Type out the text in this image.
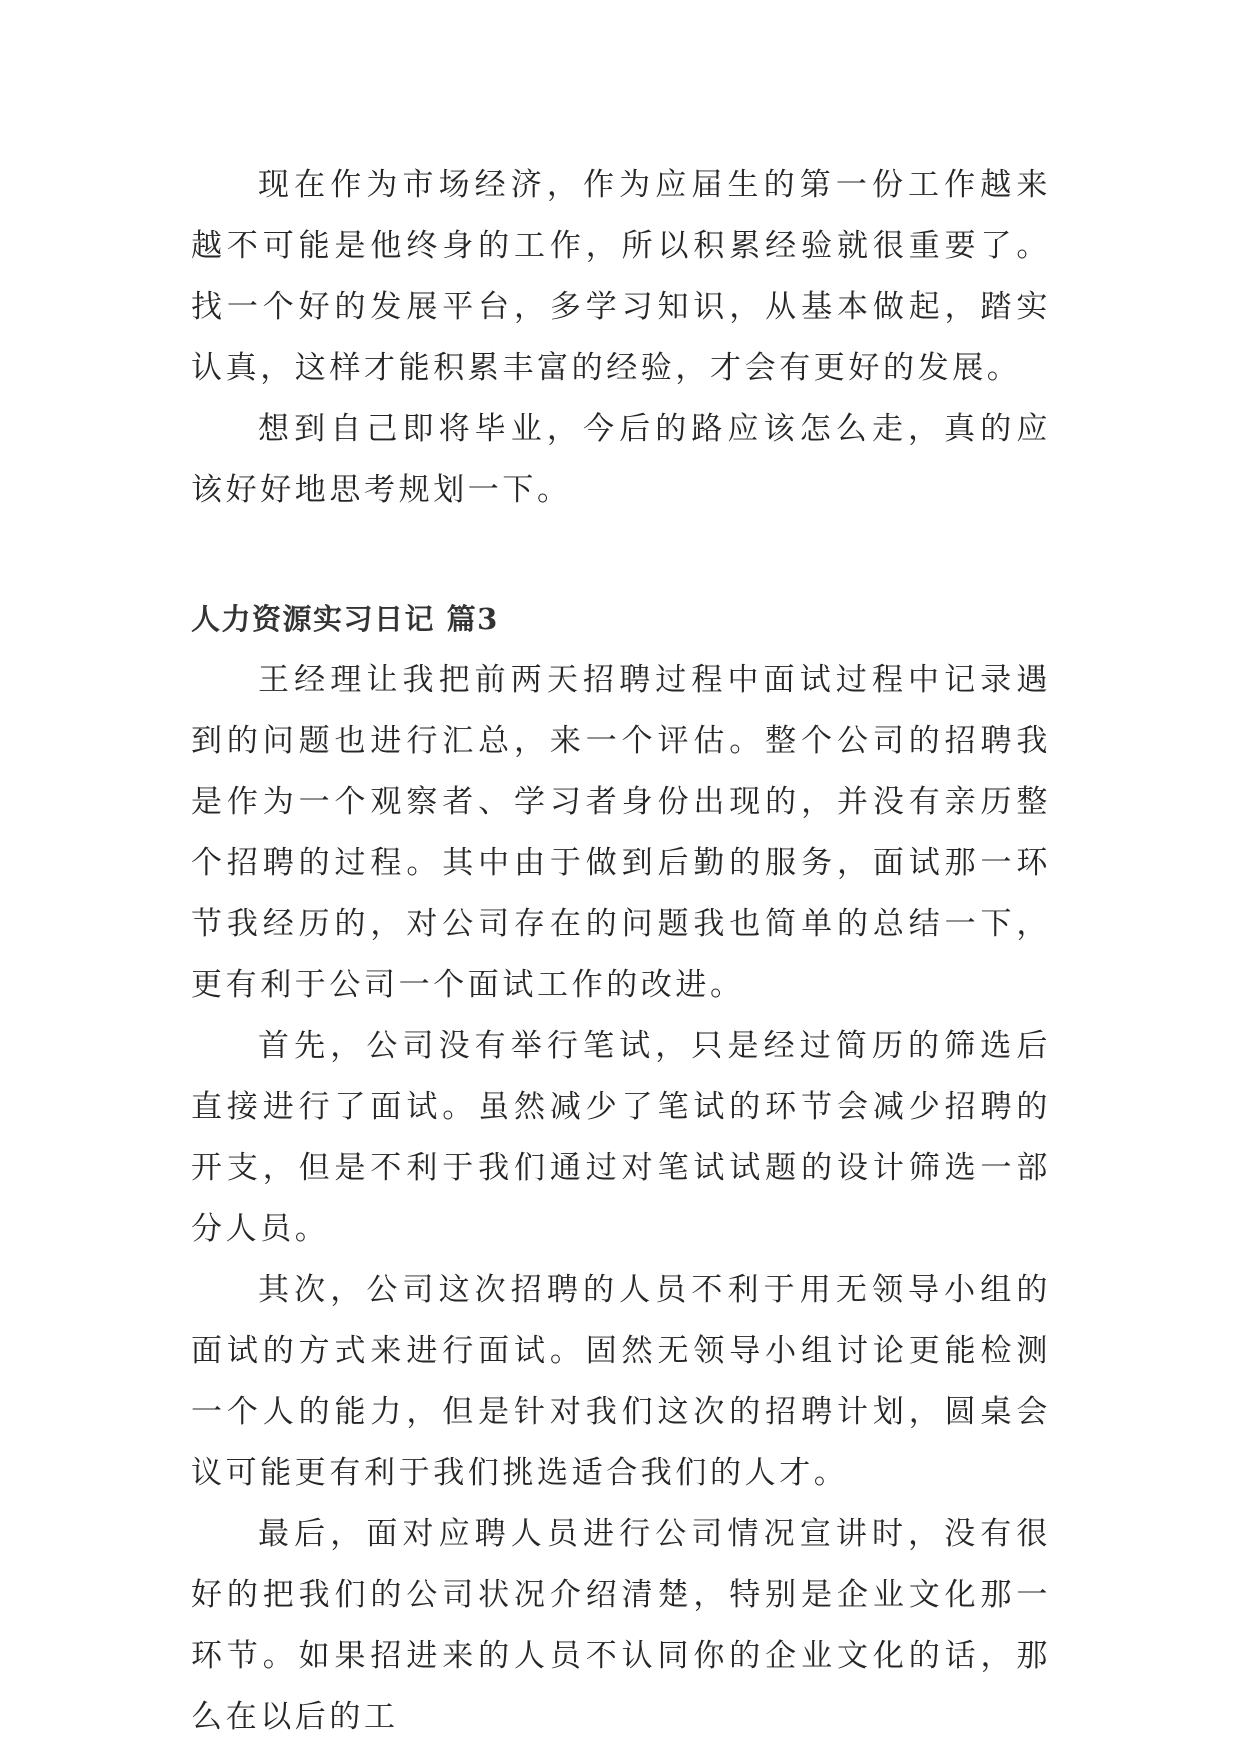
现在作为市场经济，作为应届生的第一份工作越来越不可能是他终身的工作，所以积累经验就很重要了。找一个好的发展平台，多学习知识，从基本做起，踏实认真，这样才能积累丰富的经验，才会有更好的发展。

想到自己即将毕业，今后的路应该怎么走，真的应该好好地思考规划一下。

人力资源实习日记 篇3

王经理让我把前两天招聘过程中面试过程中记录遇到的问题也进行汇总，来一个评估。整个公司的招聘我是作为一个观察者、学习者身份出现的，并没有亲历整个招聘的过程。其中由于做到后勤的服务，面试那一环节我经历的，对公司存在的问题我也简单的总结一下，更有利于公司一个面试工作的改进。

首先，公司没有举行笔试，只是经过简历的筛选后直接进行了面试。虽然减少了笔试的环节会减少招聘的开支，但是不利于我们通过对笔试试题的设计筛选一部分人员。

其次，公司这次招聘的人员不利于用无领导小组的面试的方式来进行面试。固然无领导小组讨论更能检测一个人的能力，但是针对我们这次的招聘计划，圆桌会议可能更有利于我们挑选适合我们的人才。

最后，面对应聘人员进行公司情况宣讲时，没有很好的把我们的公司状况介绍清楚，特别是企业文化那一环节。如果招进来的人员不认同你的企业文化的话，那么在以后的工
